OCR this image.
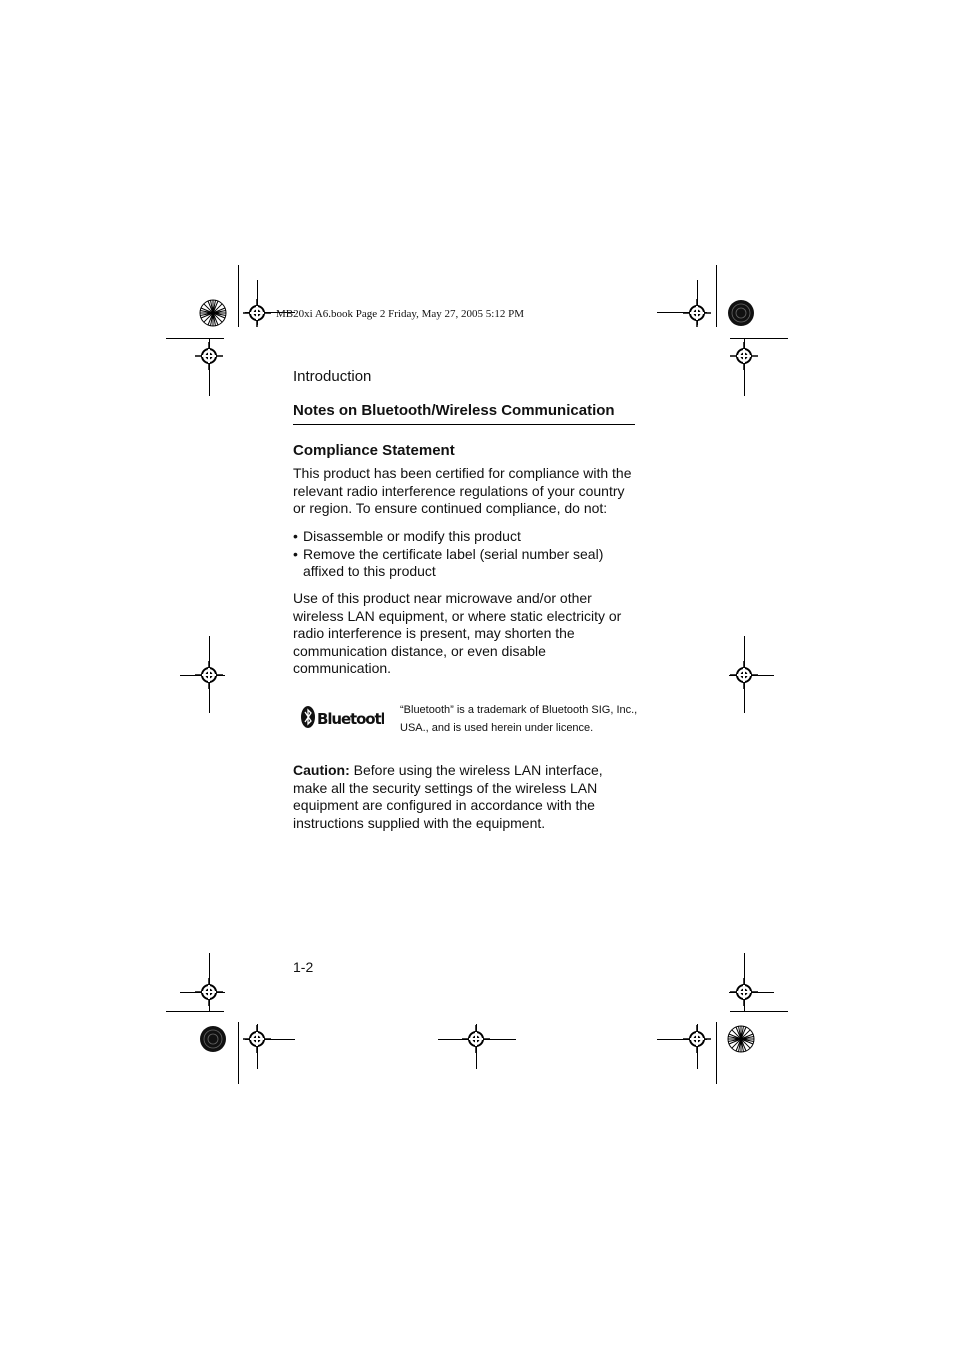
MB20xi A6.book Page 2 Friday, May 27, 2005 5:12 PM
Introduction
Notes on Bluetooth/Wireless Communication
Compliance Statement
This product has been certified for compliance with the relevant radio interference regulations of your country or region. To ensure continued compliance, do not:
• Disassemble or modify this product
• Remove the certificate label (serial number seal) affixed to this product
Use of this product near microwave and/or other wireless LAN equipment, or where static electricity or radio interference is present, may shorten the communication distance, or even disable communication.
Bluetooth “Bluetooth” is a trademark of Bluetooth SIG, Inc., USA., and is used herein under licence.
Caution: Before using the wireless LAN interface, make all the security settings of the wireless LAN equipment are configured in accordance with the instructions supplied with the equipment.
1-2
